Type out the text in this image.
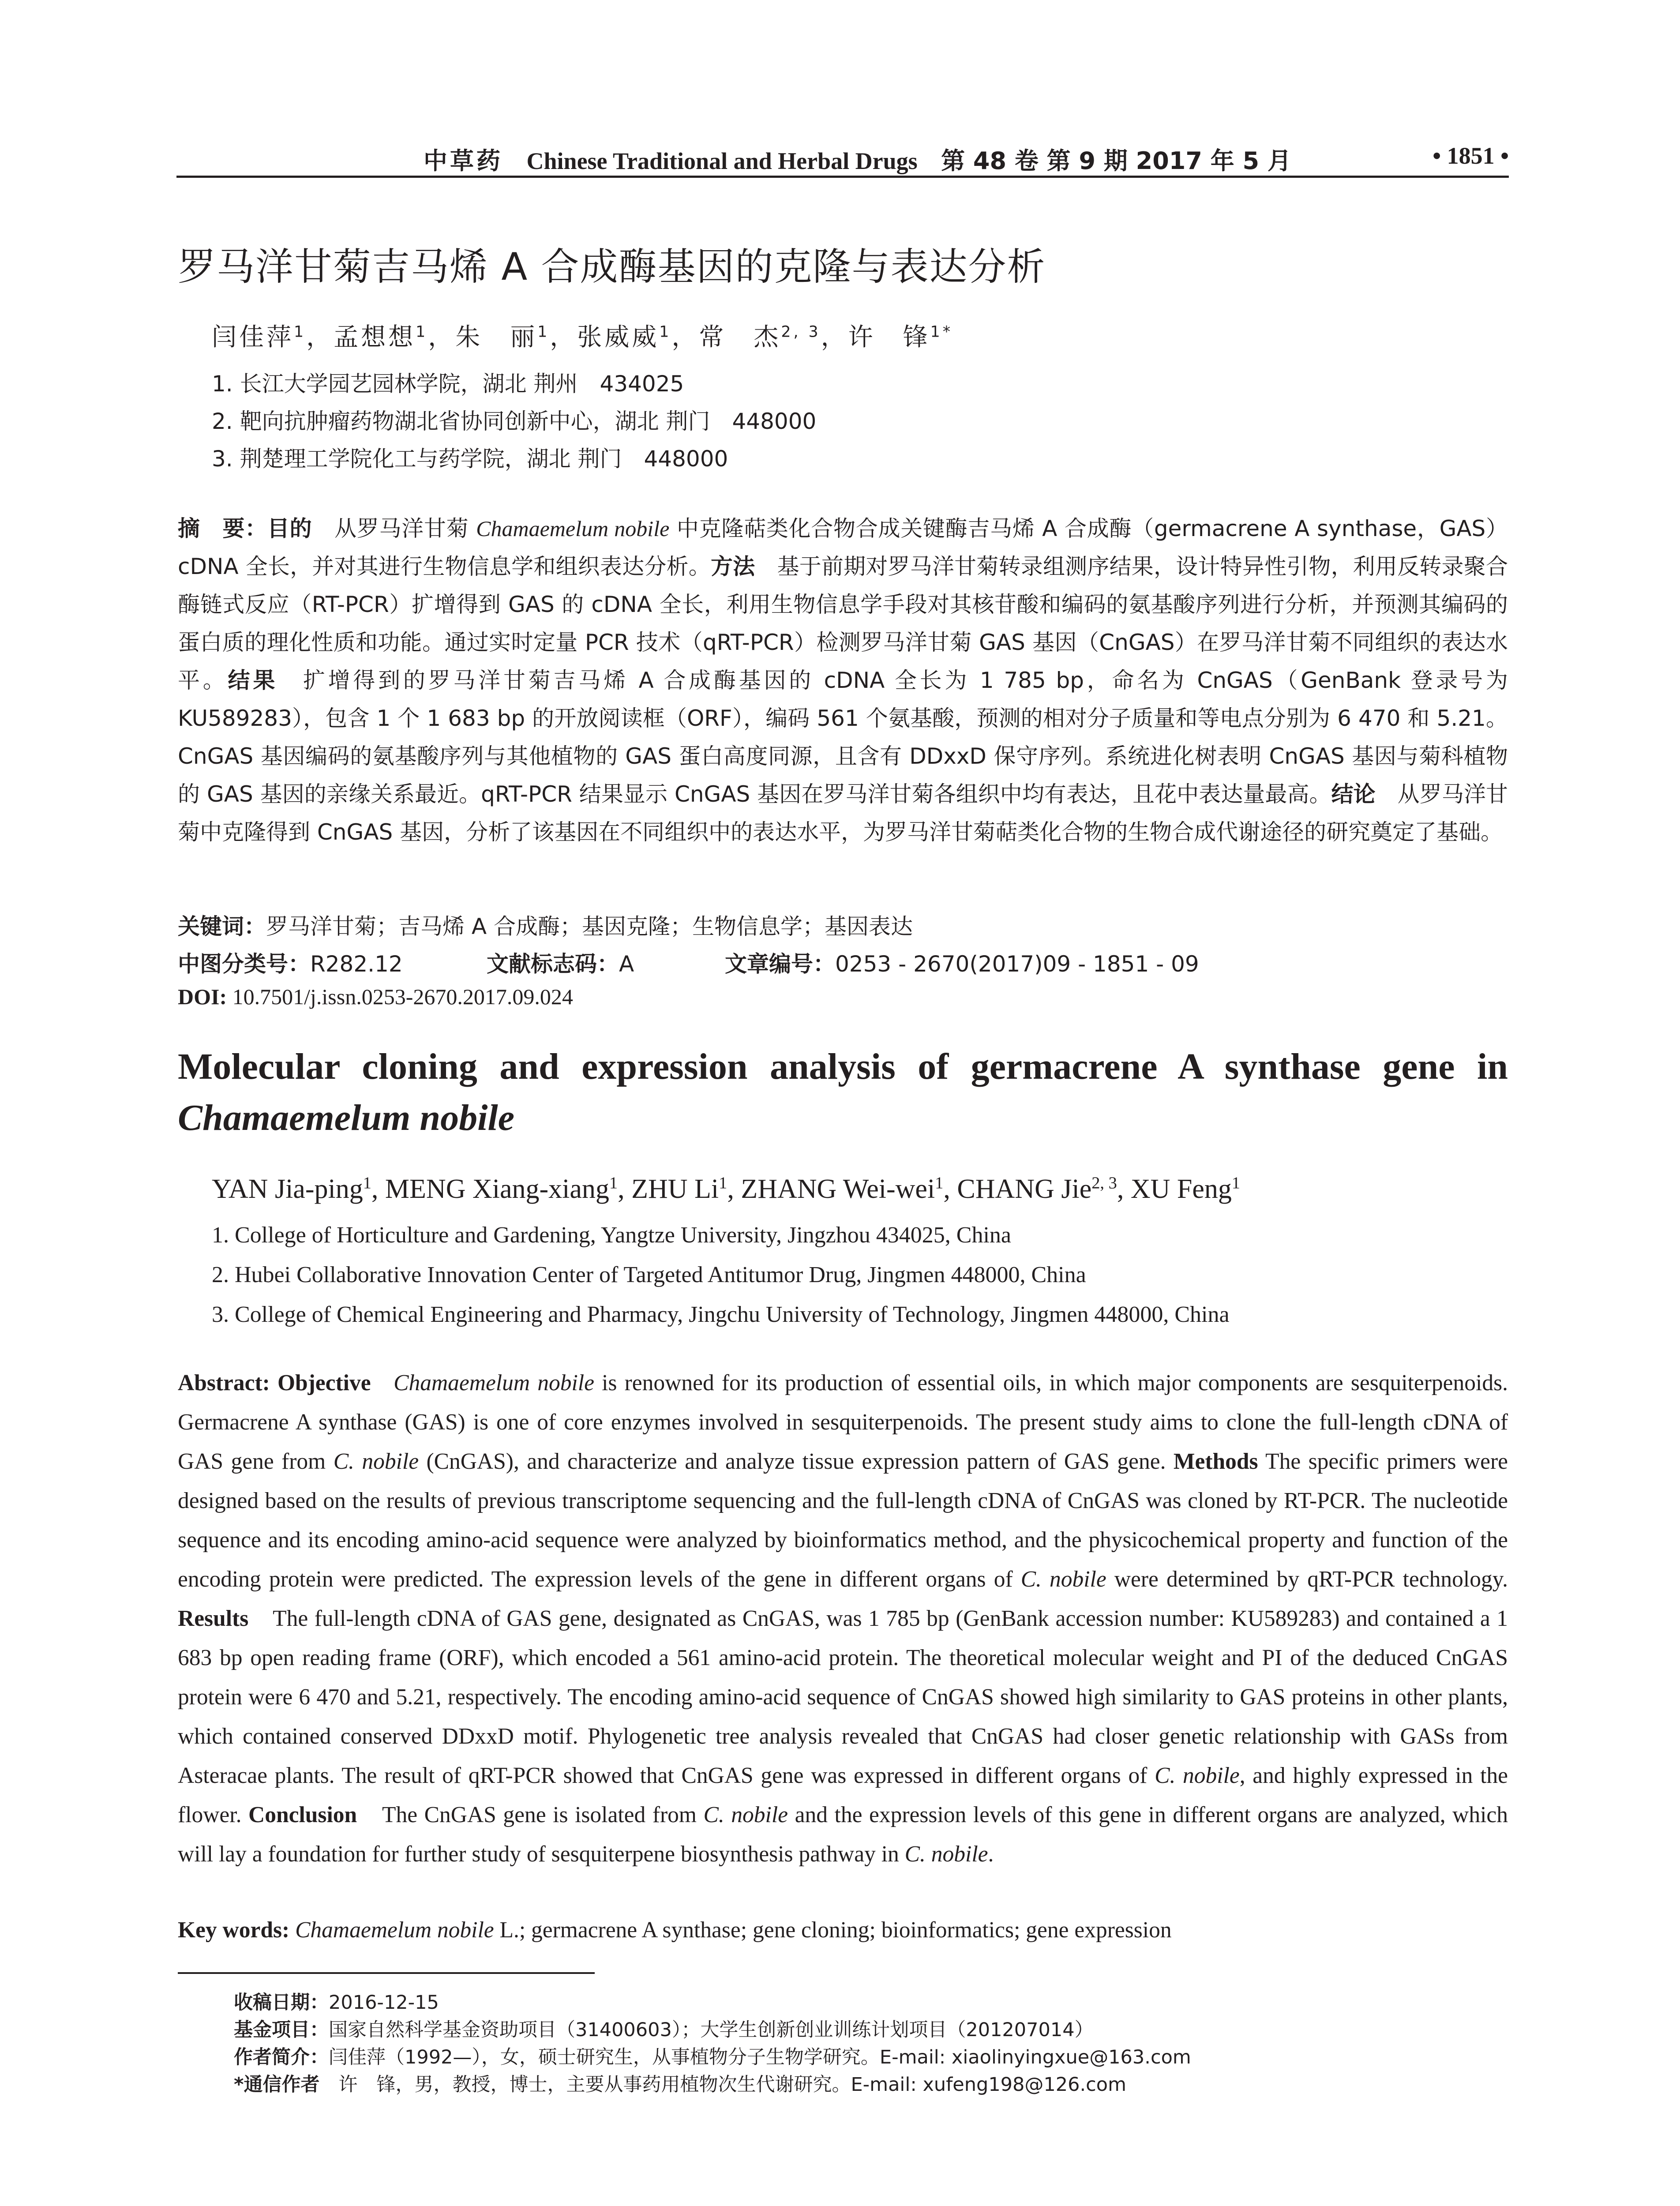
中草药 Chinese Traditional and Herbal Drugs 第 48 卷 第 9 期 2017 年 5 月	• 1851 •
罗马洋甘菊吉马烯 A 合成酶基因的克隆与表达分析
闫佳萍$^1$，孟想想$^1$，朱　丽$^1$，张威威$^1$，常　杰$^{2, 3}$，许　锋$^{1*}$
1. 长江大学园艺园林学院，湖北 荆州　434025
2. 靶向抗肿瘤药物湖北省协同创新中心，湖北 荆门　448000
3. 荆楚理工学院化工与药学院，湖北 荆门　448000
摘　要：目的　从罗马洋甘菊 Chamaemelum nobile 中克隆萜类化合物合成关键酶吉马烯 A 合成酶（germacrene A synthase，GAS）cDNA 全长，并对其进行生物信息学和组织表达分析。方法　基于前期对罗马洋甘菊转录组测序结果，设计特异性引物，利用反转录聚合酶链式反应（RT-PCR）扩增得到 GAS 的 cDNA 全长，利用生物信息学手段对其核苷酸和编码的氨基酸序列进行分析，并预测其编码的蛋白质的理化性质和功能。通过实时定量 PCR 技术（qRT-PCR）检测罗马洋甘菊 GAS 基因（CnGAS）在罗马洋甘菊不同组织的表达水平。结果　扩增得到的罗马洋甘菊吉马烯 A 合成酶基因的 cDNA 全长为 1 785 bp，命名为 CnGAS（GenBank 登录号为 KU589283），包含 1 个 1 683 bp 的开放阅读框（ORF），编码 561 个氨基酸，预测的相对分子质量和等电点分别为 6 470 和 5.21。CnGAS 基因编码的氨基酸序列与其他植物的 GAS 蛋白高度同源，且含有 DDxxD 保守序列。系统进化树表明 CnGAS 基因与菊科植物的 GAS 基因的亲缘关系最近。qRT-PCR 结果显示 CnGAS 基因在罗马洋甘菊各组织中均有表达，且花中表达量最高。结论　从罗马洋甘菊中克隆得到 CnGAS 基因，分析了该基因在不同组织中的表达水平，为罗马洋甘菊萜类化合物的生物合成代谢途径的研究奠定了基础。
关键词：罗马洋甘菊；吉马烯 A 合成酶；基因克隆；生物信息学；基因表达
中图分类号：R282.12	文献标志码：A	文章编号：0253 - 2670(2017)09 - 1851 - 09
DOI: 10.7501/j.issn.0253-2670.2017.09.024
Molecular cloning and expression analysis of germacrene A synthase gene in Chamaemelum nobile
YAN Jia-ping$^1$, MENG Xiang-xiang$^1$, ZHU Li$^1$, ZHANG Wei-wei$^1$, CHANG Jie$^{2, 3}$, XU Feng$^1$
1. College of Horticulture and Gardening, Yangtze University, Jingzhou 434025, China
2. Hubei Collaborative Innovation Center of Targeted Antitumor Drug, Jingmen 448000, China
3. College of Chemical Engineering and Pharmacy, Jingchu University of Technology, Jingmen 448000, China
Abstract: Objective Chamaemelum nobile is renowned for its production of essential oils, in which major components are sesquiterpenoids. Germacrene A synthase (GAS) is one of core enzymes involved in sesquiterpenoids. The present study aims to clone the full-length cDNA of GAS gene from C. nobile (CnGAS), and characterize and analyze tissue expression pattern of GAS gene. Methods The specific primers were designed based on the results of previous transcriptome sequencing and the full-length cDNA of CnGAS was cloned by RT-PCR. The nucleotide sequence and its encoding amino-acid sequence were analyzed by bioinformatics method, and the physicochemical property and function of the encoding protein were predicted. The expression levels of the gene in different organs of C. nobile were determined by qRT-PCR technology. Results　The full-length cDNA of GAS gene, designated as CnGAS, was 1 785 bp (GenBank accession number: KU589283) and contained a 1 683 bp open reading frame (ORF), which encoded a 561 amino-acid protein. The theoretical molecular weight and PI of the deduced CnGAS protein were 6 470 and 5.21, respectively. The encoding amino-acid sequence of CnGAS showed high similarity to GAS proteins in other plants, which contained conserved DDxxD motif. Phylogenetic tree analysis revealed that CnGAS had closer genetic relationship with GASs from Asteracae plants. The result of qRT-PCR showed that CnGAS gene was expressed in different organs of C. nobile, and highly expressed in the flower. Conclusion　The CnGAS gene is isolated from C. nobile and the expression levels of this gene in different organs are analyzed, which will lay a foundation for further study of sesquiterpene biosynthesis pathway in C. nobile.
Key words: Chamaemelum nobile L.; germacrene A synthase; gene cloning; bioinformatics; gene expression
收稿日期：2016-12-15
基金项目：国家自然科学基金资助项目（31400603）；大学生创新创业训练计划项目（201207014）
作者简介：闫佳萍（1992—），女，硕士研究生，从事植物分子生物学研究。E-mail: xiaolinyingxue@163.com
*通信作者　许　锋，男，教授，博士，主要从事药用植物次生代谢研究。E-mail: xufeng198@126.com
